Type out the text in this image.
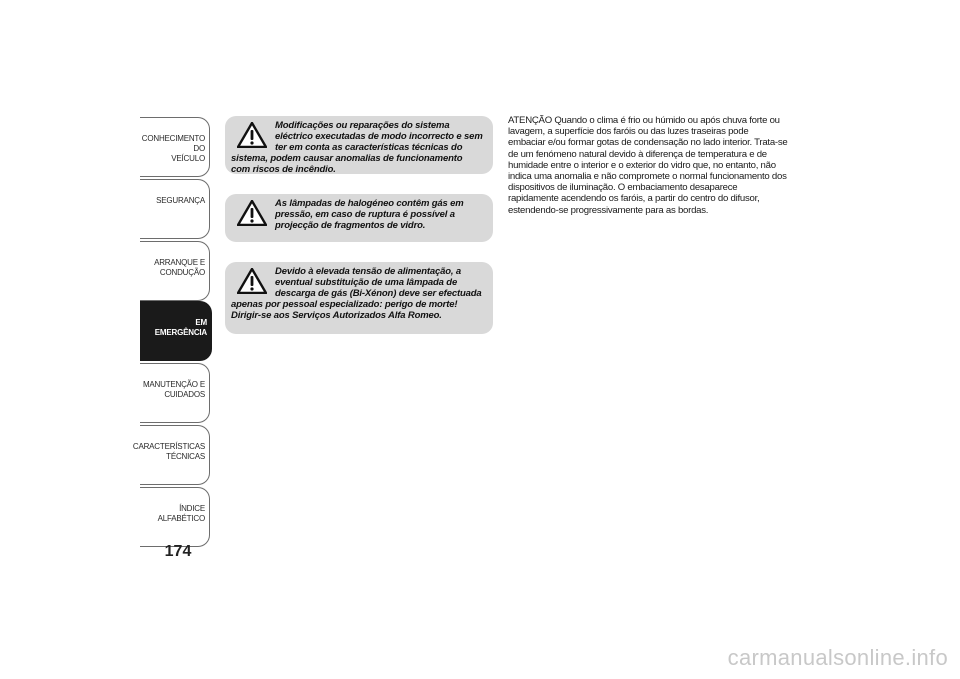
CONHECIMENTO DO
VEÍCULO
SEGURANÇA
ARRANQUE E
CONDUÇÃO
EM EMERGÊNCIA
MANUTENÇÃO E
CUIDADOS
CARACTERÍSTICAS
TÉCNICAS
ÍNDICE ALFABÉTICO
174

Modificações ou reparações do sistema eléctrico executadas de modo incorrecto e sem ter em conta as características técnicas do sistema, podem causar anomalias de funcionamento com riscos de incêndio.

As lâmpadas de halogéneo contêm gás em pressão, em caso de ruptura é possível a projecção de fragmentos de vidro.

Devido à elevada tensão de alimentação, a eventual substituição de uma lâmpada de descarga de gás (Bi-Xénon) deve ser efectuada apenas por pessoal especializado: perigo de morte! Dirigir-se aos Serviços Autorizados Alfa Romeo.

ATENÇÃO Quando o clima é frio ou húmido ou após chuva forte ou lavagem, a superfície dos faróis ou das luzes traseiras pode embaciar e/ou formar gotas de condensação no lado interior. Trata-se de um fenómeno natural devido à diferença de temperatura e de humidade entre o interior e o exterior do vidro que, no entanto, não indica uma anomalia e não compromete o normal funcionamento dos dispositivos de iluminação. O embaciamento desaparece rapidamente acendendo os faróis, a partir do centro do difusor, estendendo-se progressivamente para as bordas.

carmanualsonline.info
